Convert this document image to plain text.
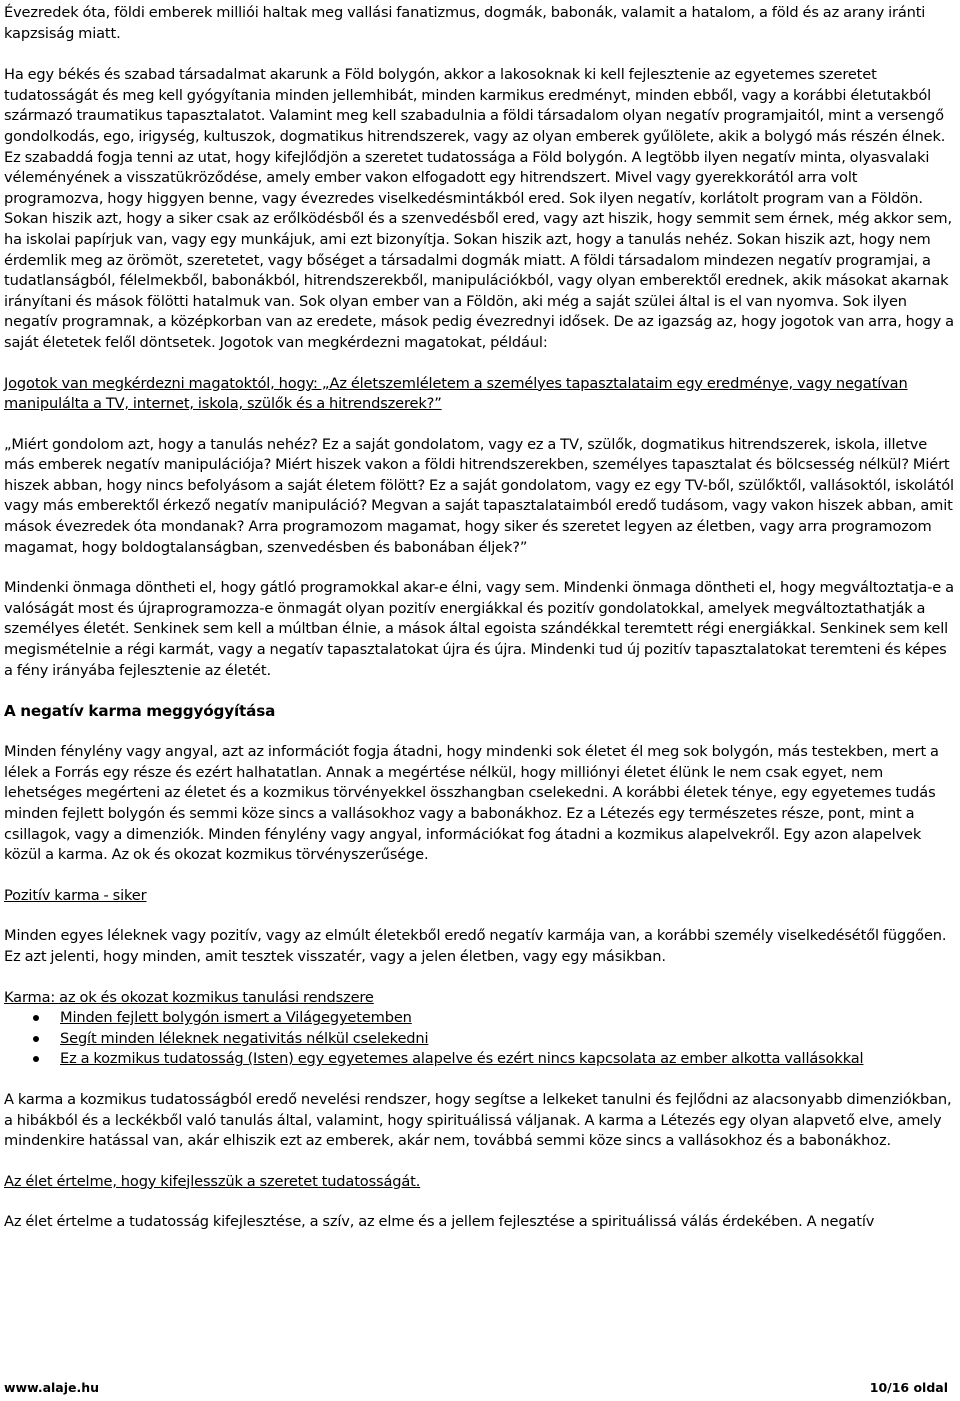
Évezredek óta, földi emberek milliói haltak meg vallási fanatizmus, dogmák, babonák, valamit a hatalom, a föld és az arany iránti kapzsiság miatt.

Ha egy békés és szabad társadalmat akarunk a Föld bolygón, akkor a lakosoknak ki kell fejlesztenie az egyetemes szeretet tudatosságát és meg kell gyógyítania minden jellemhibát, minden karmikus eredményt, minden ebből, vagy a korábbi életutakból származó traumatikus tapasztalatot. Valamint meg kell szabadulnia a földi társadalom olyan negatív programjaitól, mint a versengő gondolkodás, ego, irigység, kultuszok, dogmatikus hitrendszerek, vagy az olyan emberek gyűlölete, akik a bolygó más részén élnek. Ez szabaddá fogja tenni az utat, hogy kifejlődjön a szeretet tudatossága a Föld bolygón. A legtöbb ilyen negatív minta, olyasvalaki véleményének a visszatükröződése, amely ember vakon elfogadott egy hitrendszert. Mivel vagy gyerekkorától arra volt programozva, hogy higgyen benne, vagy évezredes viselkedésmintákból ered. Sok ilyen negatív, korlátolt program van a Földön. Sokan hiszik azt, hogy a siker csak az erőlködésből és a szenvedésből ered, vagy azt hiszik, hogy semmit sem érnek, még akkor sem, ha iskolai papírjuk van, vagy egy munkájuk, ami ezt bizonyítja. Sokan hiszik azt, hogy a tanulás nehéz. Sokan hiszik azt, hogy nem érdemlik meg az örömöt, szeretetet, vagy bőséget a társadalmi dogmák miatt. A földi társadalom mindezen negatív programjai, a tudatlanságból, félelmekből, babonákból, hitrendszerekből, manipulációkból, vagy olyan emberektől erednek, akik másokat akarnak irányítani és mások fölötti hatalmuk van. Sok olyan ember van a Földön, aki még a saját szülei által is el van nyomva. Sok ilyen negatív programnak, a középkorban van az eredete, mások pedig évezrednyi idősek. De az igazság az, hogy jogotok van arra, hogy a saját életetek felől döntsetek. Jogotok van megkérdezni magatokat, például:

Jogotok van megkérdezni magatoktól, hogy: „Az életszemléletem a személyes tapasztalataim egy eredménye, vagy negatívan manipulálta a TV, internet, iskola, szülők és a hitrendszerek?”

„Miért gondolom azt, hogy a tanulás nehéz? Ez a saját gondolatom, vagy ez a TV, szülők, dogmatikus hitrendszerek, iskola, illetve más emberek negatív manipulációja? Miért hiszek vakon a földi hitrendszerekben, személyes tapasztalat és bölcsesség nélkül? Miért hiszek abban, hogy nincs befolyásom a saját életem fölött? Ez a saját gondolatom, vagy ez egy TV-ből, szülőktől, vallásoktól, iskolától vagy más emberektől érkező negatív manipuláció? Megvan a saját tapasztalataimból eredő tudásom, vagy vakon hiszek abban, amit mások évezredek óta mondanak? Arra programozom magamat, hogy siker és szeretet legyen az életben, vagy arra programozom magamat, hogy boldogtalanságban, szenvedésben és babonában éljek?”

Mindenki önmaga döntheti el, hogy gátló programokkal akar-e élni, vagy sem. Mindenki önmaga döntheti el, hogy megváltoztatja-e a valóságát most és újraprogramozza-e önmagát olyan pozitív energiákkal és pozitív gondolatokkal, amelyek megváltoztathatják a személyes életét. Senkinek sem kell a múltban élnie, a mások által egoista szándékkal teremtett régi energiákkal. Senkinek sem kell megismételnie a régi karmát, vagy a negatív tapasztalatokat újra és újra. Mindenki tud új pozitív tapasztalatokat teremteni és képes a fény irányába fejlesztenie az életét.

A negatív karma meggyógyítása

Minden fénylény vagy angyal, azt az információt fogja átadni, hogy mindenki sok életet él meg sok bolygón, más testekben, mert a lélek a Forrás egy része és ezért halhatatlan. Annak a megértése nélkül, hogy milliónyi életet élünk le nem csak egyet, nem lehetséges megérteni az életet és a kozmikus törvényekkel összhangban cselekedni. A korábbi életek ténye, egy egyetemes tudás minden fejlett bolygón és semmi köze sincs a vallásokhoz vagy a babonákhoz. Ez a Létezés egy természetes része, pont, mint a csillagok, vagy a dimenziók. Minden fénylény vagy angyal, információkat fog átadni a kozmikus alapelvekről. Egy azon alapelvek közül a karma. Az ok és okozat kozmikus törvényszerűsége.

Pozitív karma - siker

Minden egyes léleknek vagy pozitív, vagy az elmúlt életekből eredő negatív karmája van, a korábbi személy viselkedésétől függően. Ez azt jelenti, hogy minden, amit tesztek visszatér, vagy a jelen életben, vagy egy másikban.

Karma: az ok és okozat kozmikus tanulási rendszere

Minden fejlett bolygón ismert a Világegyetemben
Segít minden léleknek negativitás nélkül cselekedni
Ez a kozmikus tudatosság (Isten) egy egyetemes alapelve és ezért nincs kapcsolata az ember alkotta vallásokkal

A karma a kozmikus tudatosságból eredő nevelési rendszer, hogy segítse a lelkeket tanulni és fejlődni az alacsonyabb dimenziókban, a hibákból és a leckékből való tanulás által, valamint, hogy spirituálissá váljanak. A karma a Létezés egy olyan alapvető elve, amely mindenkire hatással van, akár elhiszik ezt az emberek, akár nem, továbbá semmi köze sincs a vallásokhoz és a babonákhoz.

Az élet értelme, hogy kifejlesszük a szeretet tudatosságát.

Az élet értelme a tudatosság kifejlesztése, a szív, az elme és a jellem fejlesztése a spirituálissá válás érdekében. A negatív

www.alaje.hu	10/16 oldal
